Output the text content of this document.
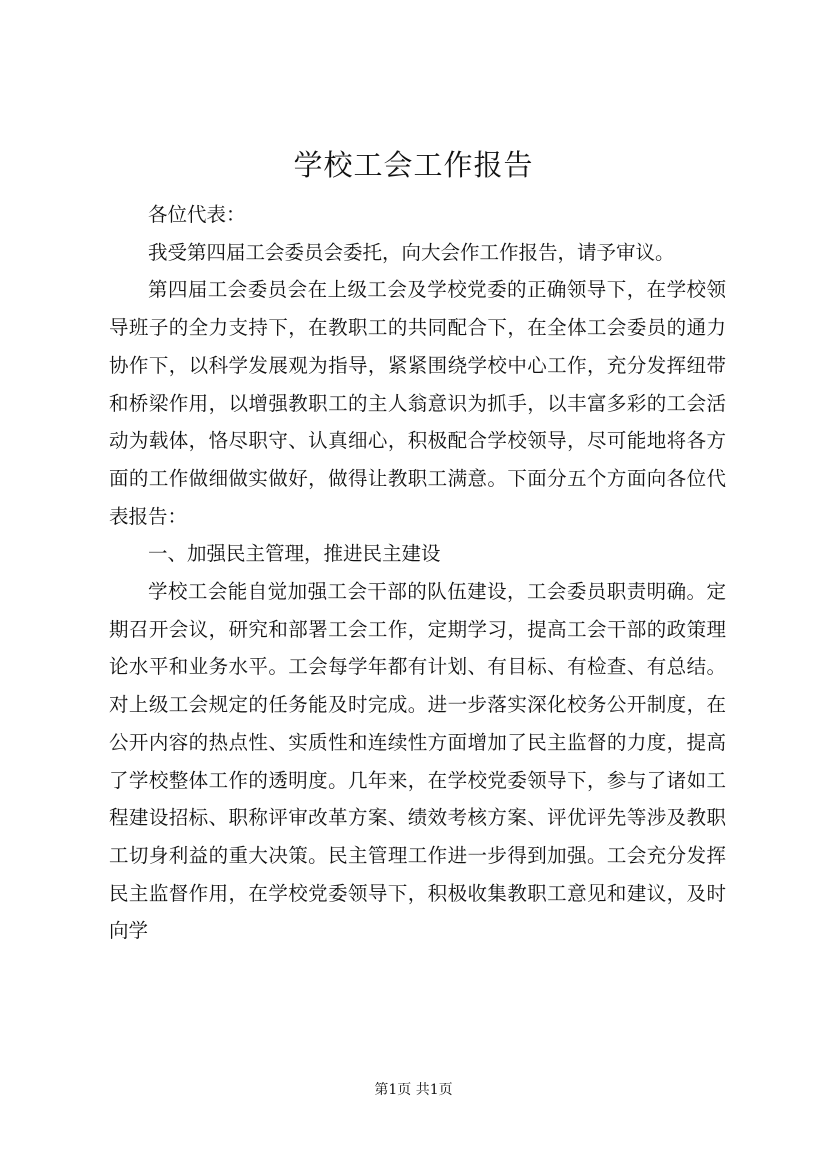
学校工会工作报告

各位代表：

我受第四届工会委员会委托，向大会作工作报告，请予审议。

第四届工会委员会在上级工会及学校党委的正确领导下，在学校领导班子的全力支持下，在教职工的共同配合下，在全体工会委员的通力协作下，以科学发展观为指导，紧紧围绕学校中心工作，充分发挥纽带和桥梁作用，以增强教职工的主人翁意识为抓手，以丰富多彩的工会活动为载体，恪尽职守、认真细心，积极配合学校领导，尽可能地将各方面的工作做细做实做好，做得让教职工满意。下面分五个方面向各位代表报告：

一、加强民主管理，推进民主建设

学校工会能自觉加强工会干部的队伍建设，工会委员职责明确。定期召开会议，研究和部署工会工作，定期学习，提高工会干部的政策理论水平和业务水平。工会每学年都有计划、有目标、有检查、有总结。对上级工会规定的任务能及时完成。进一步落实深化校务公开制度，在公开内容的热点性、实质性和连续性方面增加了民主监督的力度，提高了学校整体工作的透明度。几年来，在学校党委领导下，参与了诸如工程建设招标、职称评审改革方案、绩效考核方案、评优评先等涉及教职工切身利益的重大决策。民主管理工作进一步得到加强。工会充分发挥民主监督作用，在学校党委领导下，积极收集教职工意见和建议，及时向学

第1页 共1页
